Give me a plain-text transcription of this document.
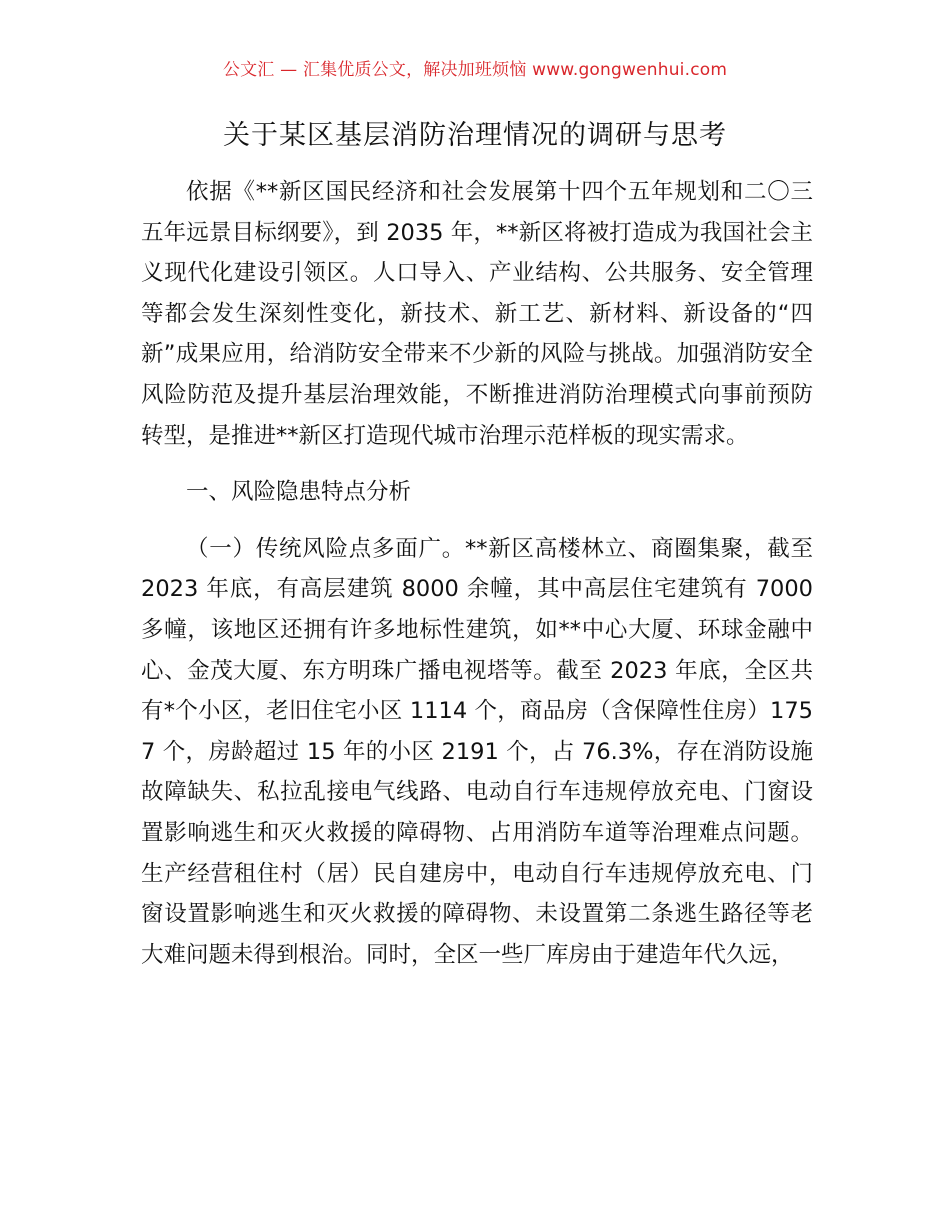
公文汇 — 汇集优质公文，解决加班烦恼 www.gongwenhui.com
关于某区基层消防治理情况的调研与思考

依据《**新区国民经济和社会发展第十四个五年规划和二〇三五年远景目标纲要》，到 2035 年，**新区将被打造成为我国社会主义现代化建设引领区。人口导入、产业结构、公共服务、安全管理等都会发生深刻性变化，新技术、新工艺、新材料、新设备的“四新”成果应用，给消防安全带来不少新的风险与挑战。加强消防安全风险防范及提升基层治理效能，不断推进消防治理模式向事前预防转型，是推进**新区打造现代城市治理示范样板的现实需求。

一、风险隐患特点分析

（一）传统风险点多面广。**新区高楼林立、商圈集聚，截至 2023 年底，有高层建筑 8000 余幢，其中高层住宅建筑有 7000 多幢，该地区还拥有许多地标性建筑，如**中心大厦、环球金融中心、金茂大厦、东方明珠广播电视塔等。截至 2023 年底，全区共有*个小区，老旧住宅小区 1114 个，商品房（含保障性住房）1757 个，房龄超过 15 年的小区 2191 个，占 76.3%，存在消防设施故障缺失、私拉乱接电气线路、电动自行车违规停放充电、门窗设置影响逃生和灭火救援的障碍物、占用消防车道等治理难点问题。生产经营租住村（居）民自建房中，电动自行车违规停放充电、门窗设置影响逃生和灭火救援的障碍物、未设置第二条逃生路径等老大难问题未得到根治。同时，全区一些厂库房由于建造年代久远，
